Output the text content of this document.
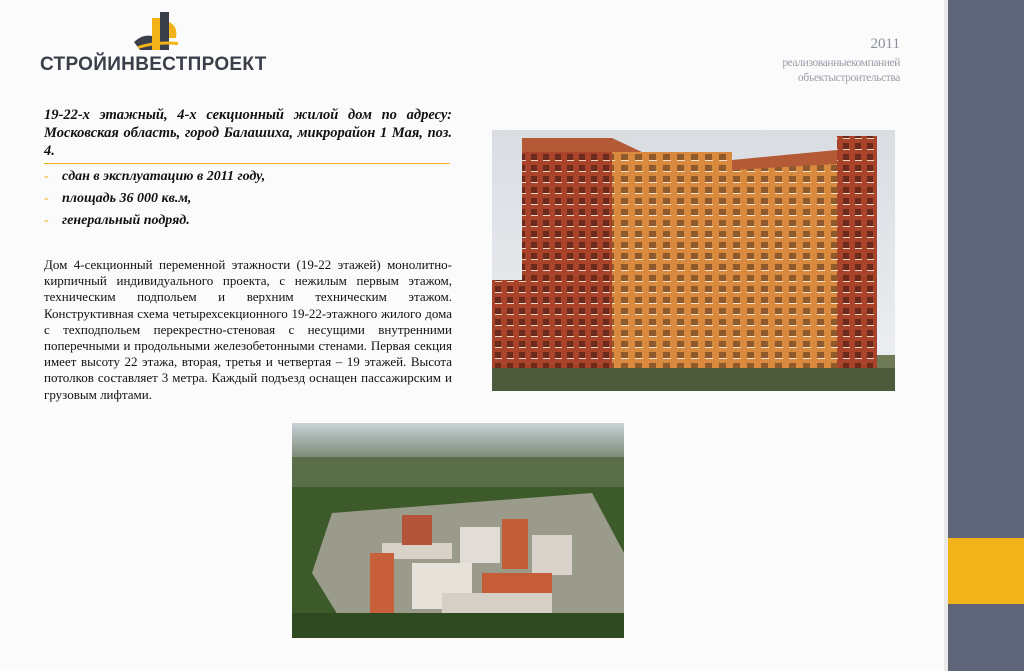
СТРОЙИНВЕСТПРОЕКТ
2011
реализованныекомпанией
объектыстроительства
19-22-х этажный, 4-х секционный жилой дом по адресу: Московская область, город Балашиха, микрорайон 1 Мая, поз. 4.
- сдан в эксплуатацию в 2011 году,
- площадь 36 000 кв.м,
- генеральный подряд.
Дом 4-секционный переменной этажности (19-22 этажей) монолитно-кирпичный индивидуального проекта, с нежилым первым этажом, техническим подпольем и верхним техническим этажом. Конструктивная схема четырехсекционного 19-22-этажного жилого дома с техподпольем перекрестно-стеновая с несущими внутренними поперечными и продольными железобетонными стенами. Первая секция имеет высоту 22 этажа, вторая, третья и четвертая – 19 этажей. Высота потолков составляет 3 метра. Каждый подъезд оснащен пассажирским и грузовым лифтами.
